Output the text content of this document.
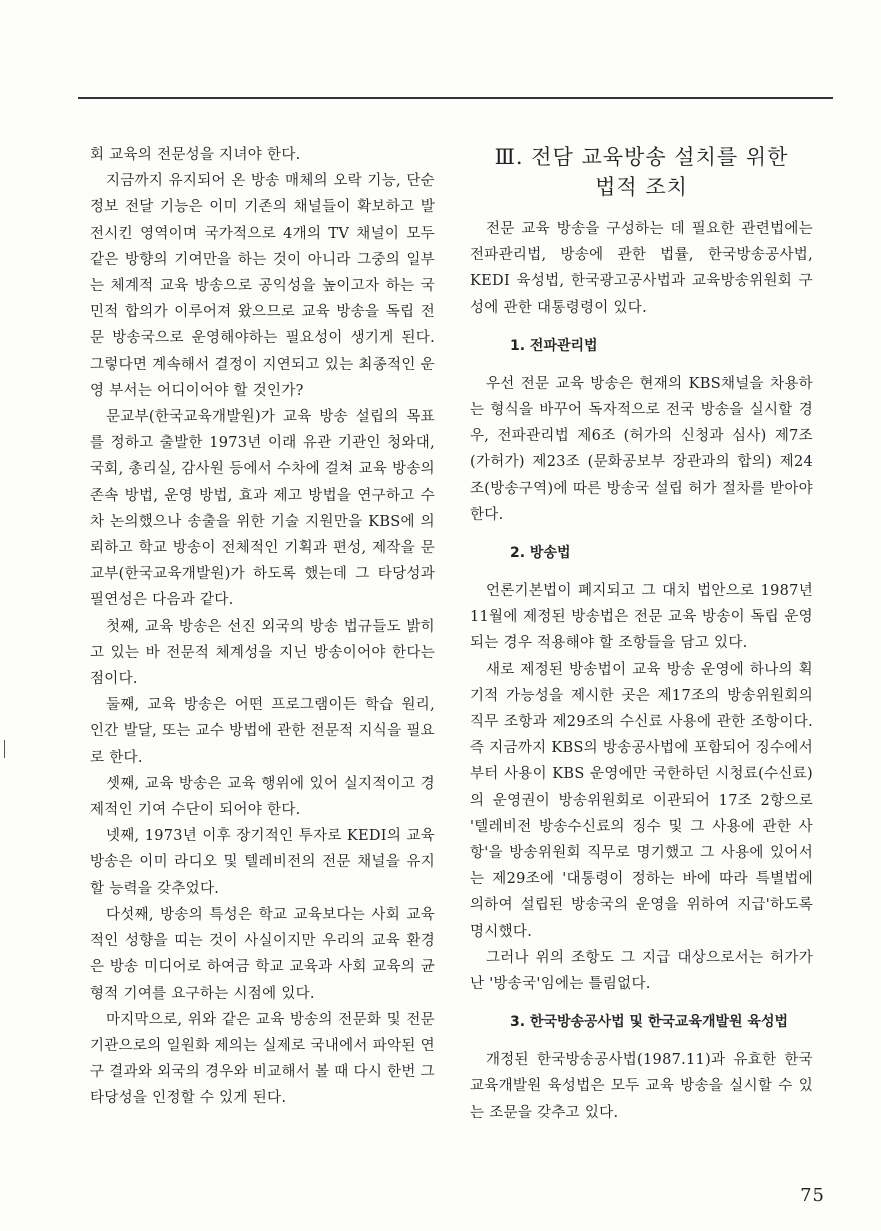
회 교육의 전문성을 지녀야 한다.

지금까지 유지되어 온 방송 매체의 오락 기능, 단순 정보 전달 기능은 이미 기존의 채널들이 확보하고 발전시킨 영역이며 국가적으로 4개의 TV 채널이 모두 같은 방향의 기여만을 하는 것이 아니라 그중의 일부는 체계적 교육 방송으로 공익성을 높이고자 하는 국민적 합의가 이루어져 왔으므로 교육 방송을 독립 전문 방송국으로 운영해야하는 필요성이 생기게 된다. 그렇다면 계속해서 결정이 지연되고 있는 최종적인 운영 부서는 어디이어야 할 것인가?

문교부(한국교육개발원)가 교육 방송 설립의 목표를 정하고 출발한 1973년 이래 유관 기관인 청와대, 국회, 총리실, 감사원 등에서 수차에 걸쳐 교육 방송의 존속 방법, 운영 방법, 효과 제고 방법을 연구하고 수차 논의했으나 송출을 위한 기술 지원만을 KBS에 의뢰하고 학교 방송이 전체적인 기획과 편성, 제작을 문교부(한국교육개발원)가 하도록 했는데 그 타당성과 필연성은 다음과 같다.

첫째, 교육 방송은 선진 외국의 방송 법규들도 밝히고 있는 바 전문적 체계성을 지닌 방송이어야 한다는 점이다.

둘째, 교육 방송은 어떤 프로그램이든 학습 원리, 인간 발달, 또는 교수 방법에 관한 전문적 지식을 필요로 한다.

셋째, 교육 방송은 교육 행위에 있어 실지적이고 경제적인 기여 수단이 되어야 한다.

넷째, 1973년 이후 장기적인 투자로 KEDI의 교육 방송은 이미 라디오 및 텔레비전의 전문 채널을 유지할 능력을 갖추었다.

다섯째, 방송의 특성은 학교 교육보다는 사회 교육적인 성향을 띠는 것이 사실이지만 우리의 교육 환경은 방송 미디어로 하여금 학교 교육과 사회 교육의 균형적 기여를 요구하는 시점에 있다.

마지막으로, 위와 같은 교육 방송의 전문화 및 전문 기관으로의 일원화 제의는 실제로 국내에서 파악된 연구 결과와 외국의 경우와 비교해서 볼 때 다시 한번 그 타당성을 인정할 수 있게 된다.

Ⅲ. 전담 교육방송 설치를 위한
법적 조치

전문 교육 방송을 구성하는 데 필요한 관련법에는 전파관리법, 방송에 관한 법률, 한국방송공사법, KEDI 육성법, 한국광고공사법과 교육방송위원회 구성에 관한 대통령령이 있다.

1. 전파관리법

우선 전문 교육 방송은 현재의 KBS채널을 차용하는 형식을 바꾸어 독자적으로 전국 방송을 실시할 경우, 전파관리법 제6조 (허가의 신청과 심사) 제7조 (가허가) 제23조 (문화공보부 장관과의 합의) 제24조(방송구역)에 따른 방송국 설립 허가 절차를 받아야 한다.

2. 방송법

언론기본법이 폐지되고 그 대치 법안으로 1987년 11월에 제정된 방송법은 전문 교육 방송이 독립 운영되는 경우 적용해야 할 조항들을 담고 있다.

새로 제정된 방송법이 교육 방송 운영에 하나의 획기적 가능성을 제시한 곳은 제17조의 방송위원회의 직무 조항과 제29조의 수신료 사용에 관한 조항이다. 즉 지금까지 KBS의 방송공사법에 포함되어 징수에서부터 사용이 KBS 운영에만 국한하던 시청료(수신료)의 운영권이 방송위원회로 이관되어 17조 2항으로 '텔레비전 방송수신료의 징수 및 그 사용에 관한 사항'을 방송위원회 직무로 명기했고 그 사용에 있어서는 제29조에 '대통령이 정하는 바에 따라 특별법에 의하여 설립된 방송국의 운영을 위하여 지급'하도록 명시했다.

그러나 위의 조항도 그 지급 대상으로서는 허가가 난 '방송국'임에는 틀림없다.

3. 한국방송공사법 및 한국교육개발원 육성법

개정된 한국방송공사법(1987.11)과 유효한 한국교육개발원 육성법은 모두 교육 방송을 실시할 수 있는 조문을 갖추고 있다.

75
